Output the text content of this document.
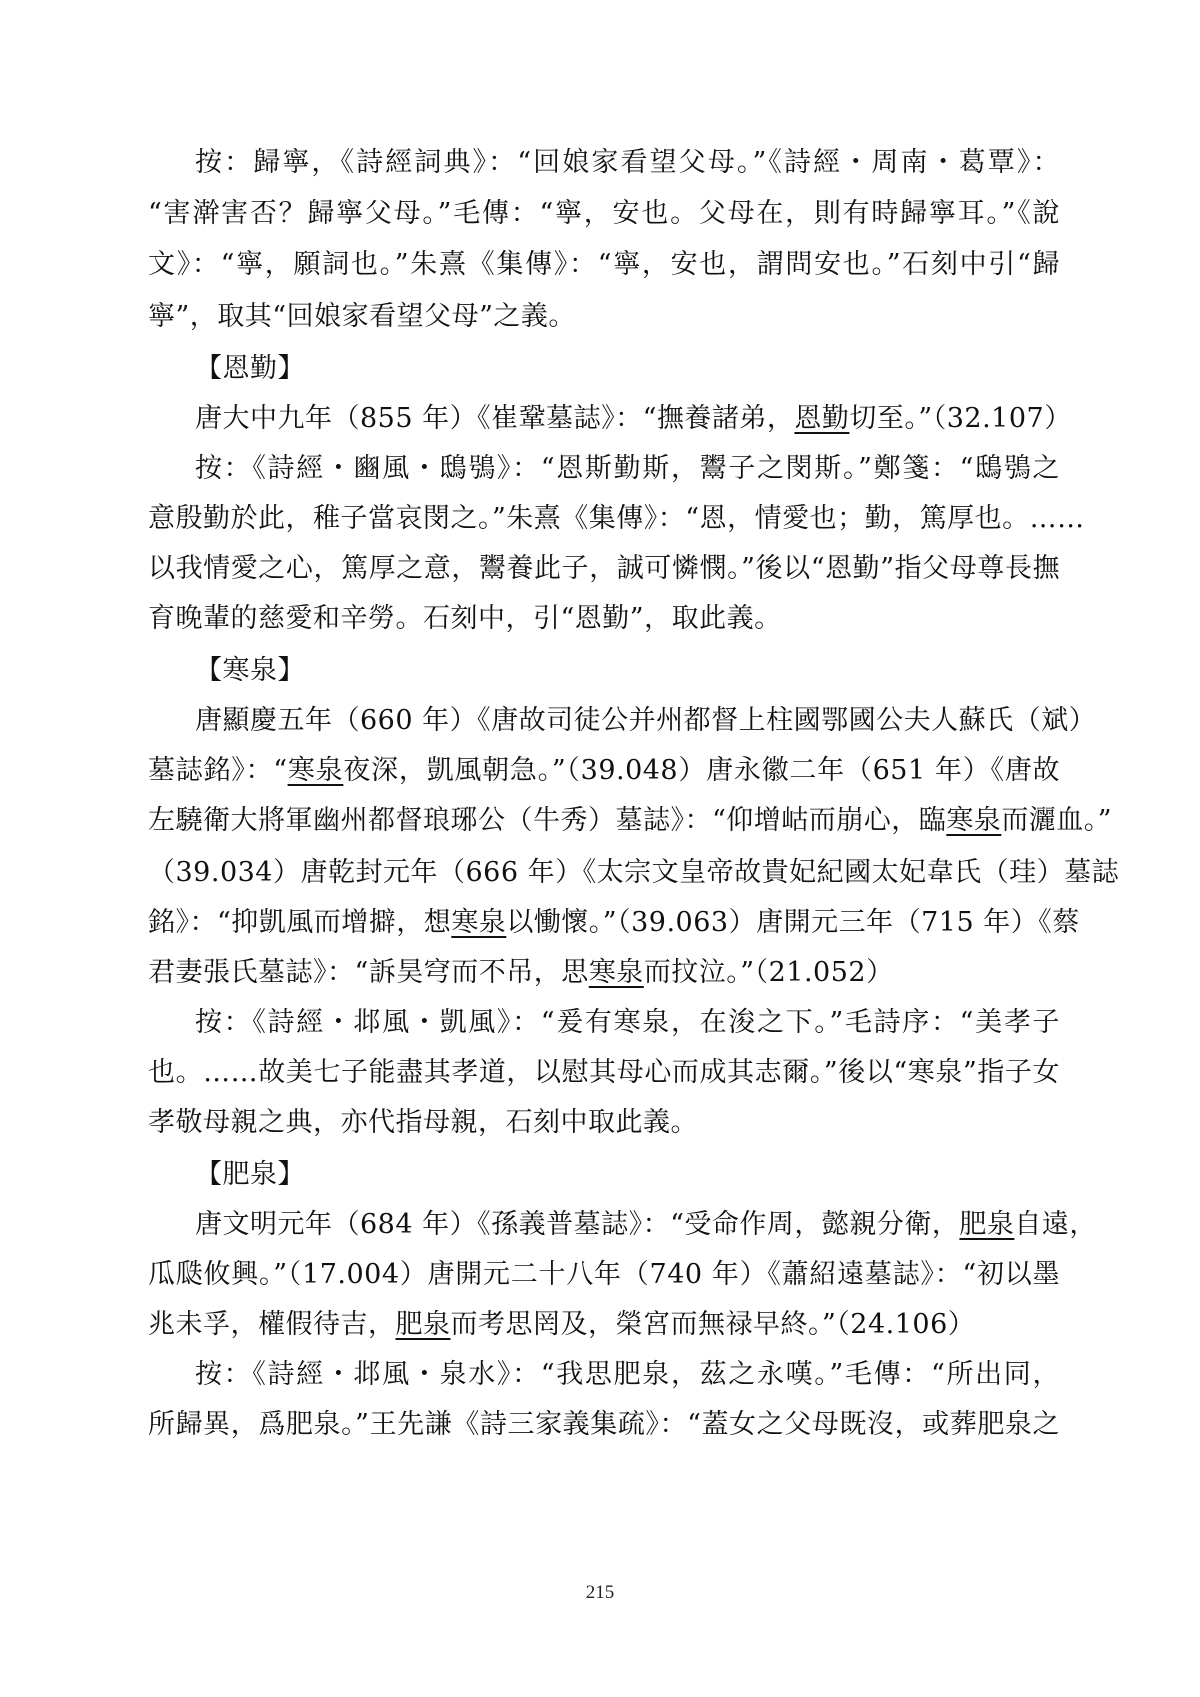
按：歸寧，《詩經詞典》：“回娘家看望父母。”《詩經・周南・葛覃》：
“害澣害否？歸寧父母。”毛傳：“寧，安也。父母在，則有時歸寧耳。”《說
文》：“寧，願詞也。”朱熹《集傳》：“寧，安也，謂問安也。”石刻中引“歸
寧”，取其“回娘家看望父母”之義。
【恩勤】
唐大中九年（855 年）《崔鞏墓誌》：“撫養諸弟，恩勤切至。”（32.107）
按：《詩經・豳風・鴟鴞》：“恩斯勤斯，鬻子之閔斯。”鄭箋：“鴟鴞之
意殷勤於此，稚子當哀閔之。”朱熹《集傳》：“恩，情愛也；勤，篤厚也。……
以我情愛之心，篤厚之意，鬻養此子，誠可憐憫。”後以“恩勤”指父母尊長撫
育晚輩的慈愛和辛勞。石刻中，引“恩勤”，取此義。
【寒泉】
唐顯慶五年（660 年）《唐故司徒公并州都督上柱國鄂國公夫人蘇氏（斌）
墓誌銘》：“寒泉夜深，凱風朝急。”（39.048）唐永徽二年（651 年）《唐故
左驍衛大將軍幽州都督琅琊公（牛秀）墓誌》：“仰增岵而崩心，臨寒泉而灑血。”
（39.034）唐乾封元年（666 年）《太宗文皇帝故貴妃紀國太妃韋氏（珪）墓誌
銘》：“抑凱風而增擗，想寒泉以慟懷。”（39.063）唐開元三年（715 年）《蔡
君妻張氏墓誌》：“訴昊穹而不吊，思寒泉而抆泣。”（21.052）
按：《詩經・邶風・凱風》：“爰有寒泉，在浚之下。”毛詩序：“美孝子
也。……故美七子能盡其孝道，以慰其母心而成其志爾。”後以“寒泉”指子女
孝敬母親之典，亦代指母親，石刻中取此義。
【肥泉】
唐文明元年（684 年）《孫義普墓誌》：“受命作周，懿親分衛，肥泉自遠，
瓜瓞攸興。”（17.004）唐開元二十八年（740 年）《蕭紹遠墓誌》：“初以墨
兆未孚，權假待吉，肥泉而考思罔及，榮宮而無禄早終。”（24.106）
按：《詩經・邶風・泉水》：“我思肥泉，茲之永嘆。”毛傳：“所出同，
所歸異，爲肥泉。”王先謙《詩三家義集疏》：“蓋女之父母既沒，或葬肥泉之
215
